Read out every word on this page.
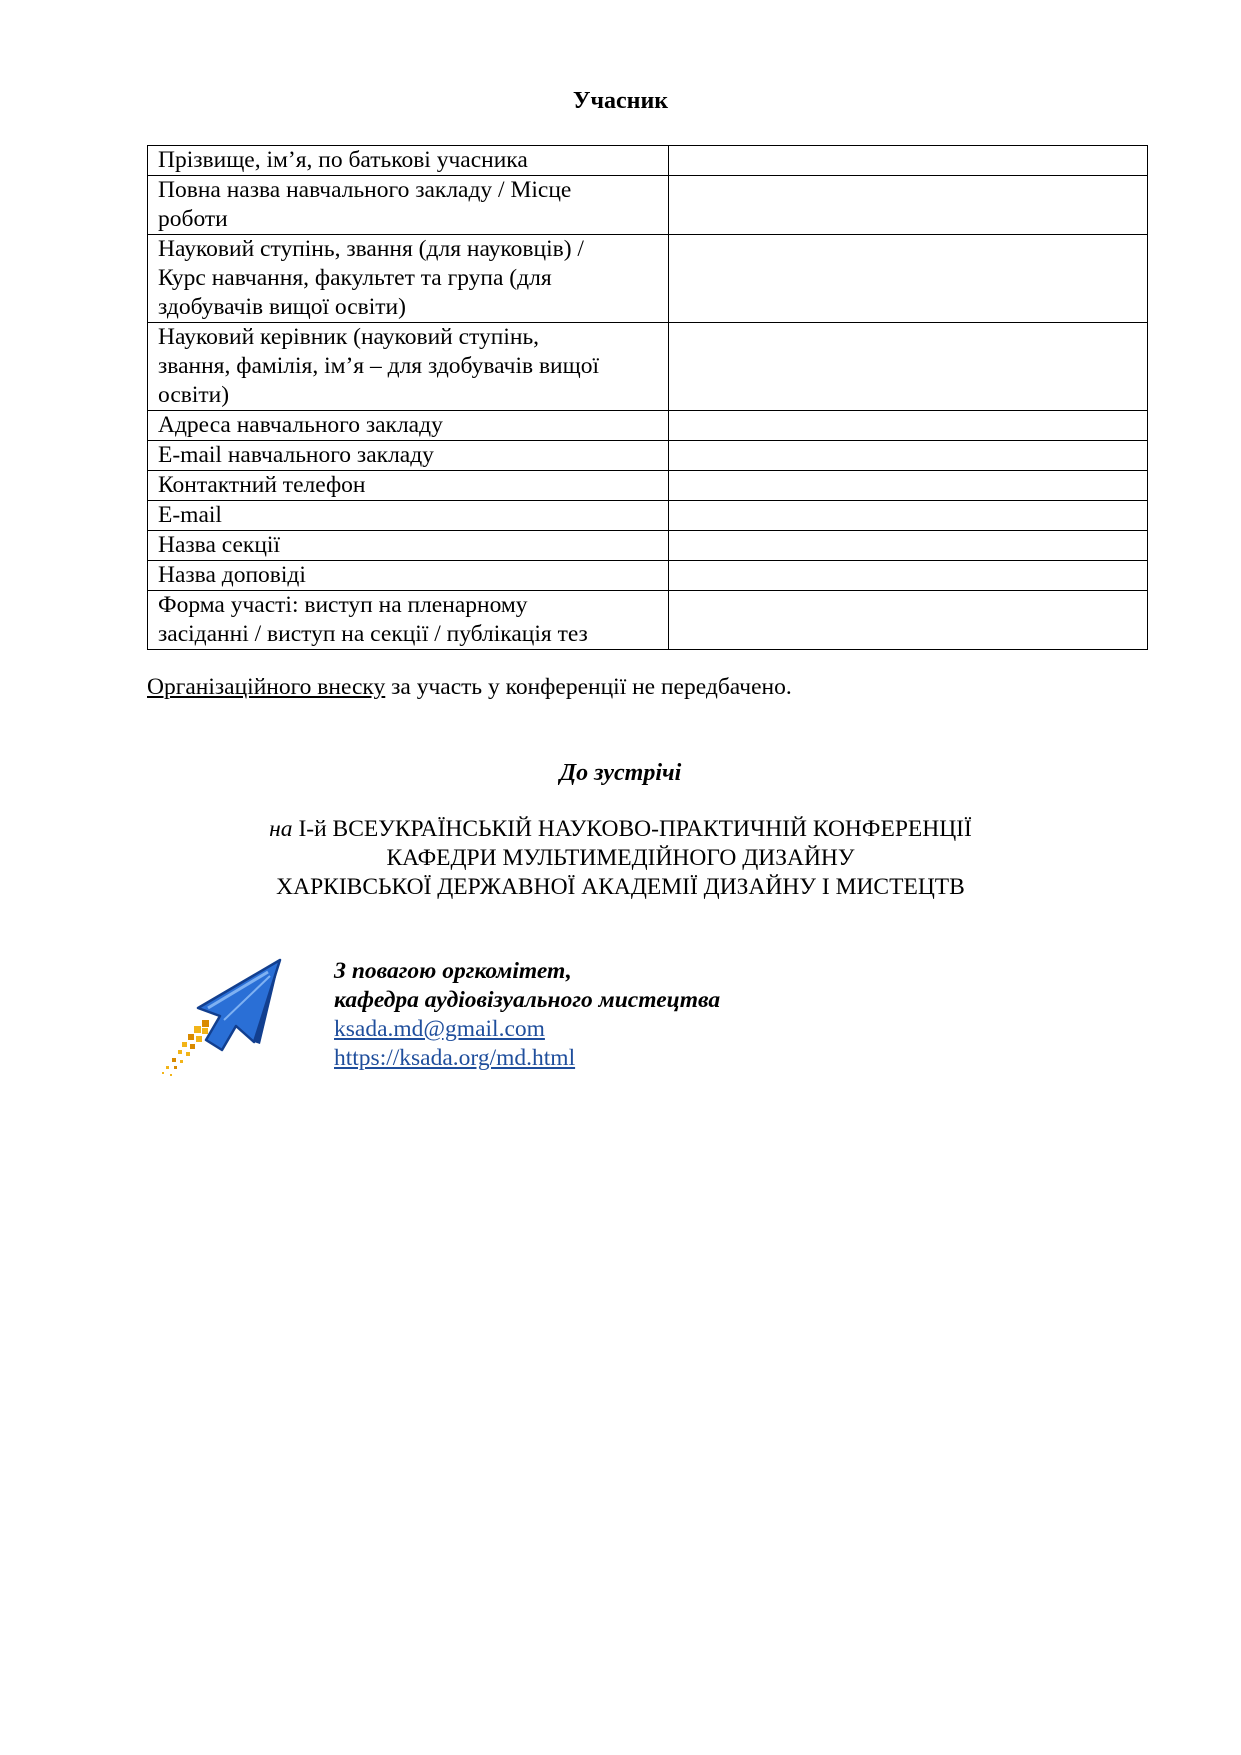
Учасник
Прізвище, ім’я, по батькові учасника	
Повна назва навчального закладу / Місце
роботи	
Науковий ступінь, звання (для науковців) /
Курс навчання, факультет та група (для
здобувачів вищої освіти)	
Науковий керівник (науковий ступінь,
звання, фамілія, ім’я – для здобувачів вищої
освіти)	
Адреса навчального закладу	
E-mail навчального закладу	
Контактний телефон	
E-mail	
Назва секції	
Назва доповіді	
Форма участі: виступ на пленарному
засіданні / виступ на секції / публікація тез	
Організаційного внеску за участь у конференції не передбачено.
До зустрічі
на І-й ВСЕУКРАЇНСЬКІЙ НАУКОВО-ПРАКТИЧНІЙ КОНФЕРЕНЦІЇ
КАФЕДРИ МУЛЬТИМЕДІЙНОГО ДИЗАЙНУ
ХАРКІВСЬКОЇ ДЕРЖАВНОЇ АКАДЕМІЇ ДИЗАЙНУ І МИСТЕЦТВ
З повагою оргкомітет,
кафедра аудіовізуального мистецтва
ksada.md@gmail.com
https://ksada.org/md.html
